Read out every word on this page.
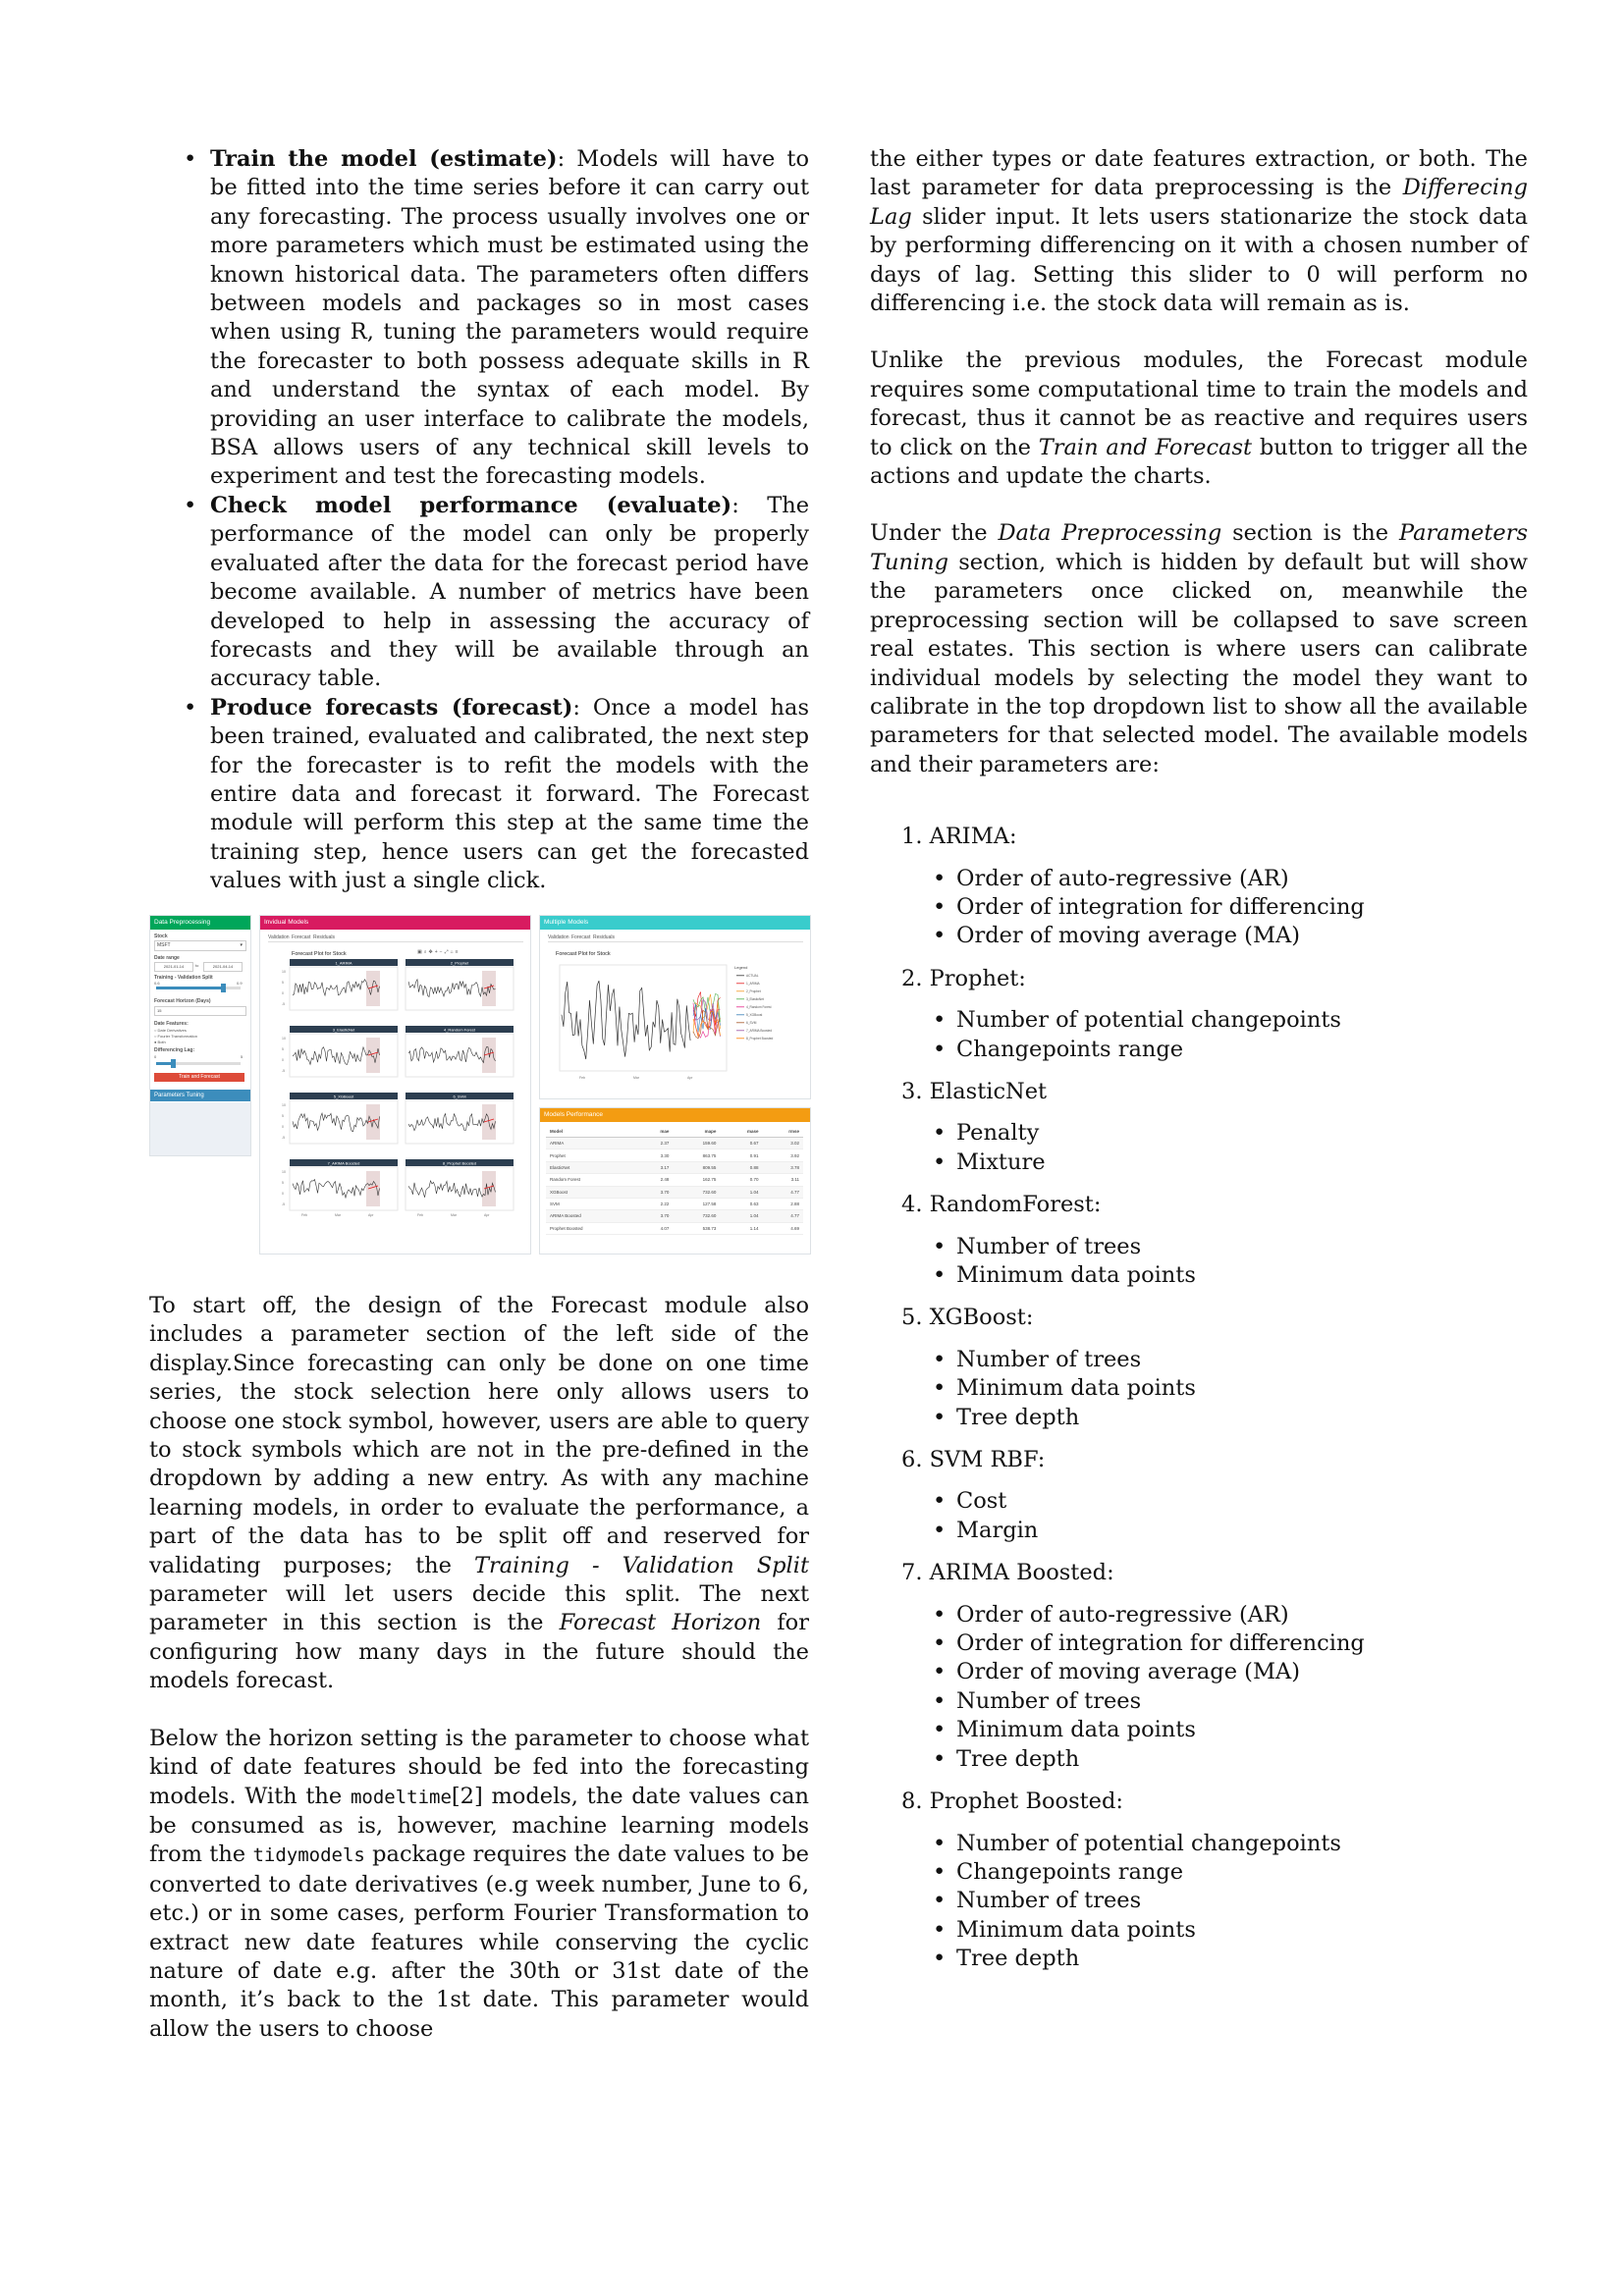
• Train the model (estimate): Models will have to be fitted into the time series before it can carry out any forecasting. The process usually involves one or more parameters which must be estimated using the known historical data. The parameters often differs between models and packages so in most cases when using R, tuning the parameters would require the forecaster to both possess adequate skills in R and understand the syntax of each model. By providing an user interface to calibrate the models, BSA allows users of any technical skill levels to experiment and test the forecasting models.
• Check model performance (evaluate): The performance of the model can only be properly evaluated after the data for the forecast period have become available. A number of metrics have been developed to help in assessing the accuracy of forecasts and they will be available through an accuracy table.
• Produce forecasts (forecast): Once a model has been trained, evaluated and calibrated, the next step for the forecaster is to refit the models with the entire data and forecast it forward. The Forecast module will perform this step at the same time the training step, hence users can get the forecasted values with just a single click.
Data Preprocessing
Stock
MSFT	▾
Date range
2021-01-14	to	2021-04-14
Training - Validation Split
0.6	0.9
Forecast Horizon (Days)
15
Date Features:
○ Date Derivatives
○ Fourier Transformation
● Both
Differencing Lag:
0	5
Train and Forecast
Parameters Tuning
Invidual Models
Validation Forecast Residuals
Forecast Plot for Stock	▣⌕✥+−⤢⌂≡
1_ARIMA	2_Prophet
3_ElasticNet	4_Random Forest
5_XGBoost	6_SVM
7_ARIMA Boosted	8_Prophet Boosted
10
5
0
-5
10
5
0
-5
10
5
0
-5
10
5
0
-5
Feb	Mar	Apr	Feb	Mar	Apr
Multiple Models
Validation Forecast Residuals
Forecast Plot for Stock
Feb	Mar	Apr
Legend
ACTUAL
1_ARIMA
2_Prophet
3_ElasticNet
4_Random Forest
5_XGBoost
6_SVM
7_ARIMA Boosted
8_Prophet Boosted
Models Performance
Model	mae	mape	mase	rmse
ARIMA	2.37	159.60	0.67	3.02
Prophet	3.30	863.75	0.91	3.92
ElasticNet	3.17	809.55	0.88	3.78
Random Forest	2.48	162.75	0.70	3.11
XGBoost	3.70	732.60	1.04	4.77
SVM	2.22	127.58	0.63	2.88
ARIMA Boosted	3.70	732.60	1.04	4.77
Prophet Boosted	4.07	538.73	1.14	4.69

To start off, the design of the Forecast module also includes a parameter section of the left side of the display.Since forecasting can only be done on one time series, the stock selection here only allows users to choose one stock symbol, however, users are able to query to stock symbols which are not in the pre-defined in the dropdown by adding a new entry. As with any machine learning models, in order to evaluate the performance, a part of the data has to be split off and reserved for validating purposes; the Training - Validation Split parameter will let users decide this split. The next parameter in this section is the Forecast Horizon for configuring how many days in the future should the models forecast.

Below the horizon setting is the parameter to choose what kind of date features should be fed into the forecasting models. With the modeltime[2] models, the date values can be consumed as is, however, machine learning models from the tidymodels package requires the date values to be converted to date derivatives (e.g week number, June to 6, etc.) or in some cases, perform Fourier Transformation to extract new date features while conserving the cyclic nature of date e.g. after the 30th or 31st date of the month, it’s back to the 1st date. This parameter would allow the users to choose

the either types or date features extraction, or both. The last parameter for data preprocessing is the Differecing Lag slider input. It lets users stationarize the stock data by performing differencing on it with a chosen number of days of lag. Setting this slider to 0 will perform no differencing i.e. the stock data will remain as is.

Unlike the previous modules, the Forecast module requires some computational time to train the models and forecast, thus it cannot be as reactive and requires users to click on the Train and Forecast button to trigger all the actions and update the charts.

Under the Data Preprocessing section is the Parameters Tuning section, which is hidden by default but will show the parameters once clicked on, meanwhile the preprocessing section will be collapsed to save screen real estates. This section is where users can calibrate individual models by selecting the model they want to calibrate in the top dropdown list to show all the available parameters for that selected model. The available models and their parameters are:

1. ARIMA:
• Order of auto-regressive (AR)
• Order of integration for differencing
• Order of moving average (MA)
2. Prophet:
• Number of potential changepoints
• Changepoints range
3. ElasticNet
• Penalty
• Mixture
4. RandomForest:
• Number of trees
• Minimum data points
5. XGBoost:
• Number of trees
• Minimum data points
• Tree depth
6. SVM RBF:
• Cost
• Margin
7. ARIMA Boosted:
• Order of auto-regressive (AR)
• Order of integration for differencing
• Order of moving average (MA)
• Number of trees
• Minimum data points
• Tree depth
8. Prophet Boosted:
• Number of potential changepoints
• Changepoints range
• Number of trees
• Minimum data points
• Tree depth
